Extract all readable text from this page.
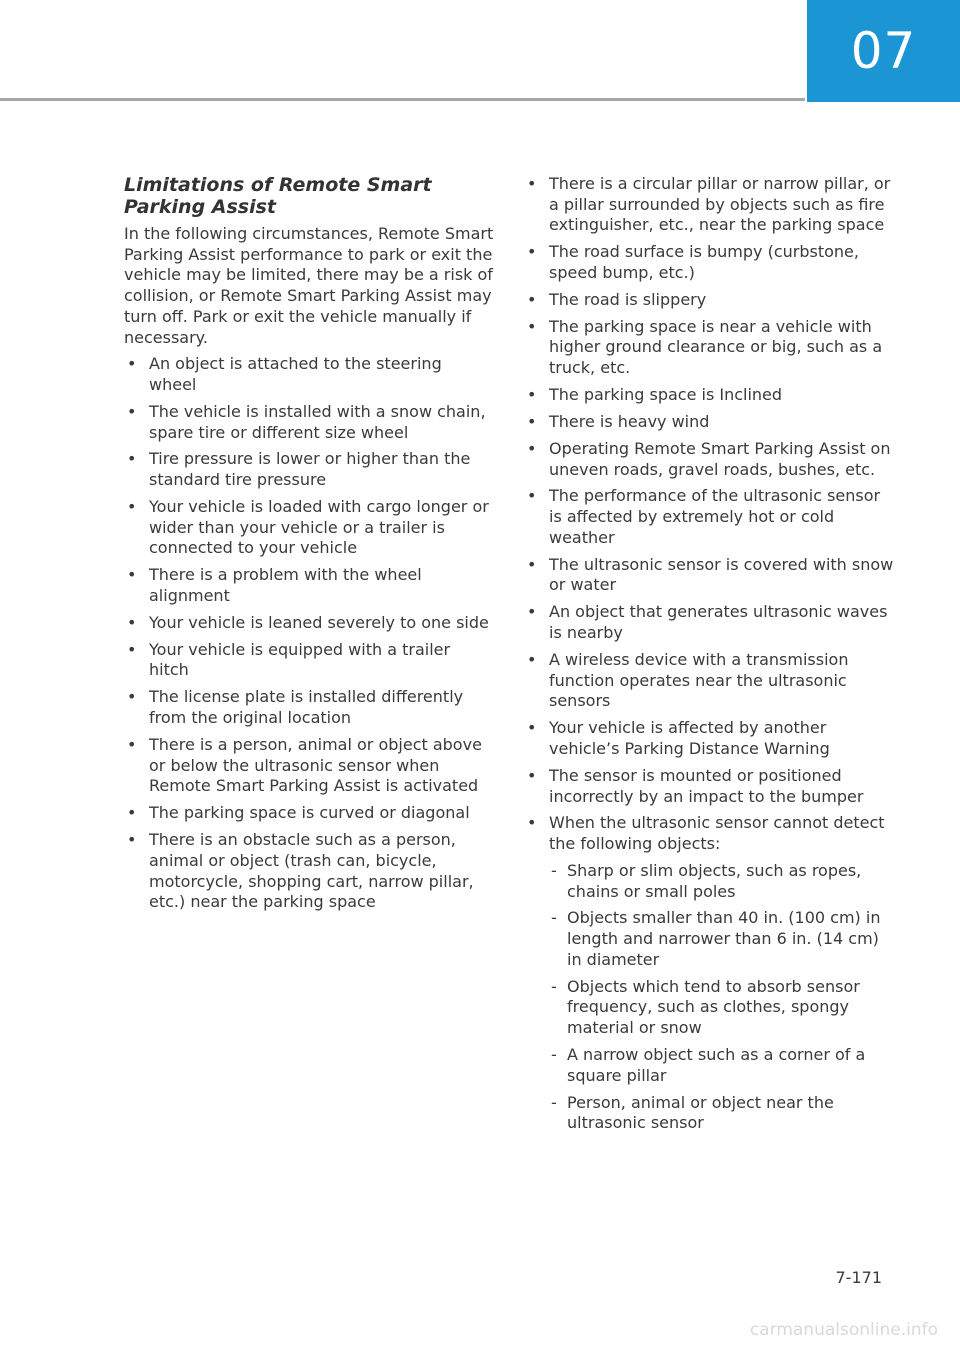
07
Limitations of Remote Smart Parking Assist

In the following circumstances, Remote Smart Parking Assist performance to park or exit the vehicle may be limited, there may be a risk of collision, or Remote Smart Parking Assist may turn off. Park or exit the vehicle manually if necessary.

• An object is attached to the steering wheel
• The vehicle is installed with a snow chain, spare tire or different size wheel
• Tire pressure is lower or higher than the standard tire pressure
• Your vehicle is loaded with cargo longer or wider than your vehicle or a trailer is connected to your vehicle
• There is a problem with the wheel alignment
• Your vehicle is leaned severely to one side
• Your vehicle is equipped with a trailer hitch
• The license plate is installed differently from the original location
• There is a person, animal or object above or below the ultrasonic sensor when Remote Smart Parking Assist is activated
• The parking space is curved or diagonal
• There is an obstacle such as a person, animal or object (trash can, bicycle, motorcycle, shopping cart, narrow pillar, etc.) near the parking space
• There is a circular pillar or narrow pillar, or a pillar surrounded by objects such as fire extinguisher, etc., near the parking space
• The road surface is bumpy (curbstone, speed bump, etc.)
• The road is slippery
• The parking space is near a vehicle with higher ground clearance or big, such as a truck, etc.
• The parking space is Inclined
• There is heavy wind
• Operating Remote Smart Parking Assist on uneven roads, gravel roads, bushes, etc.
• The performance of the ultrasonic sensor is affected by extremely hot or cold weather
• The ultrasonic sensor is covered with snow or water
• An object that generates ultrasonic waves is nearby
• A wireless device with a transmission function operates near the ultrasonic sensors
• Your vehicle is affected by another vehicle’s Parking Distance Warning
• The sensor is mounted or positioned incorrectly by an impact to the bumper
• When the ultrasonic sensor cannot detect the following objects:
- Sharp or slim objects, such as ropes, chains or small poles
- Objects smaller than 40 in. (100 cm) in length and narrower than 6 in. (14 cm) in diameter
- Objects which tend to absorb sensor frequency, such as clothes, spongy material or snow
- A narrow object such as a corner of a square pillar
- Person, animal or object near the ultrasonic sensor
7-171
carmanualsonline.info
